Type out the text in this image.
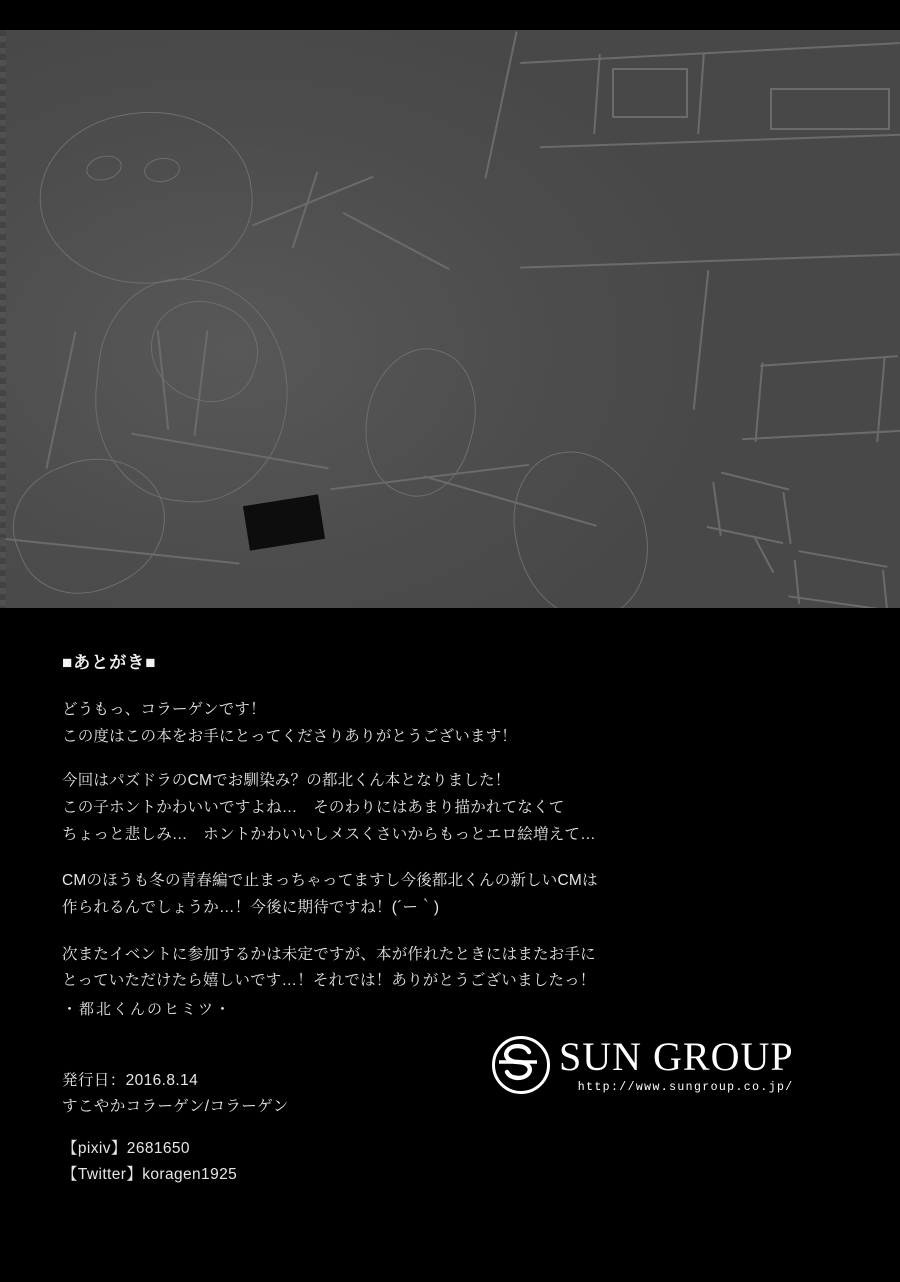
■あとがき■
どうもっ、コラーゲンです！
この度はこの本をお手にとってくださりありがとうございます！
今回はパズドラのCMでお馴染み？の都北くん本となりました！
この子ホントかわいいですよね…　そのわりにはあまり描かれてなくて
ちょっと悲しみ…　ホントかわいいしメスくさいからもっとエロ絵増えて…
CMのほうも冬の青春編で止まっちゃってますし今後都北くんの新しいCMは
作られるんでしょうか…！今後に期待ですね！(´ー｀)
次またイベントに参加するかは未定ですが、本が作れたときにはまたお手に
とっていただけたら嬉しいです…！それでは！ありがとうございましたっ！
・都北くんのヒミツ・
発行日：2016.8.14
すこやかコラーゲン/コラーゲン
【pixiv】2681650
【Twitter】koragen1925
SUN GROUP
http://www.sungroup.co.jp/
